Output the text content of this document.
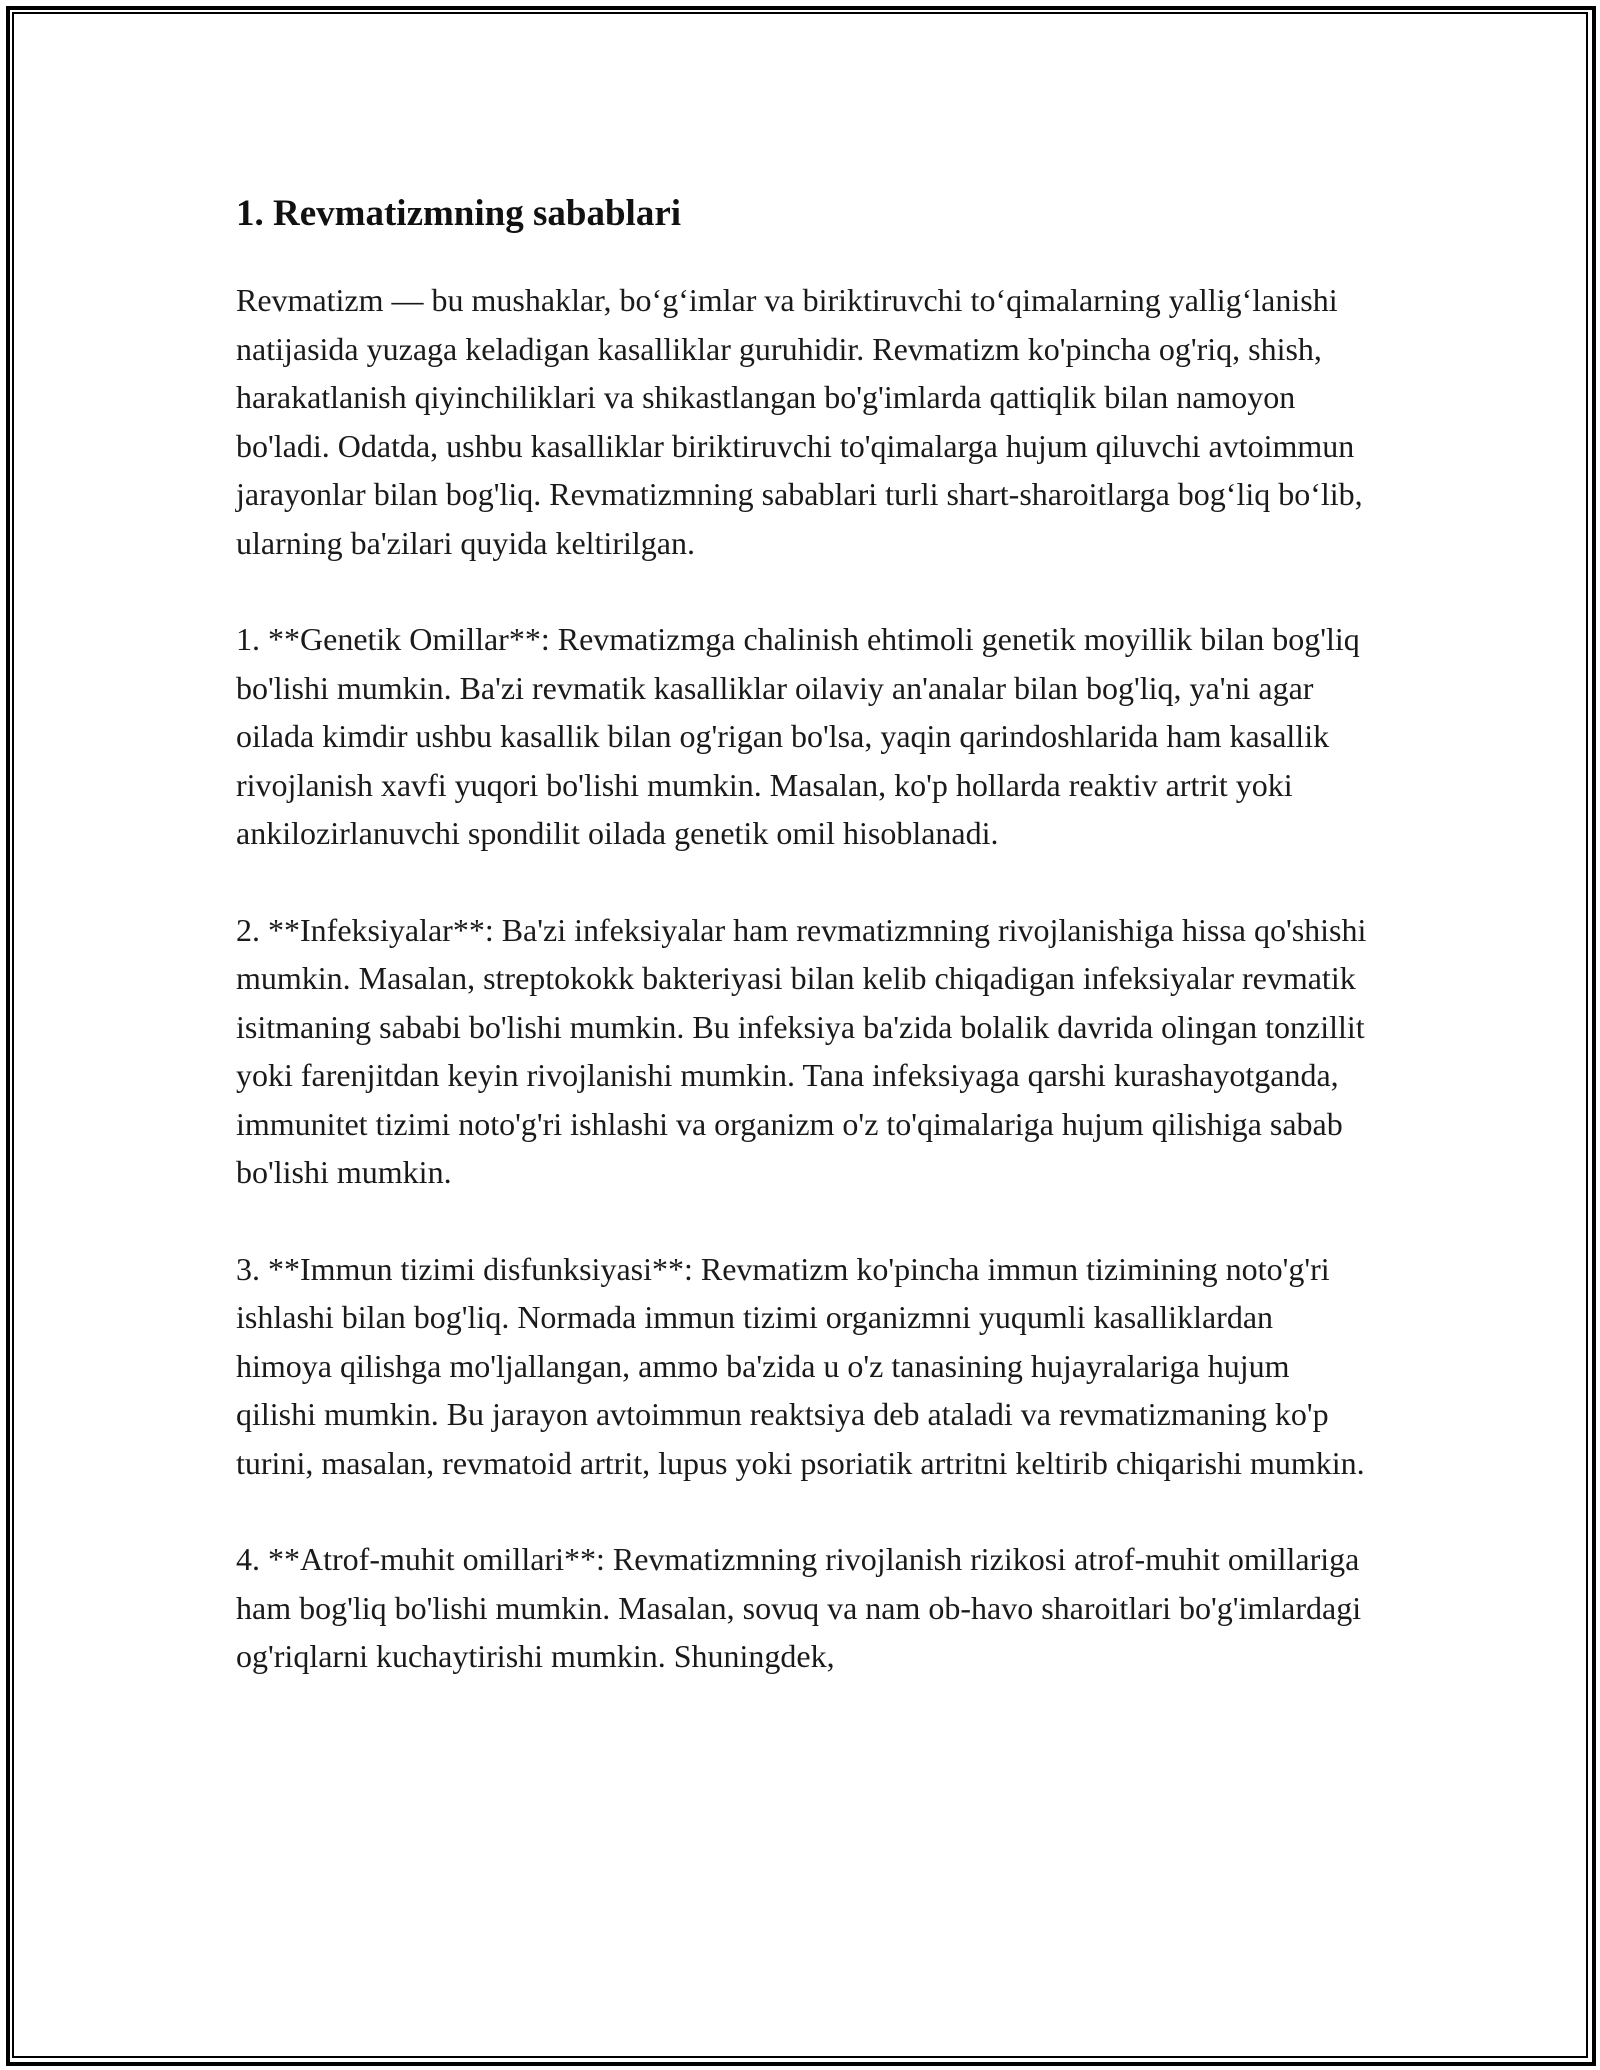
1. Revmatizmning sabablari

Revmatizm — bu mushaklar, bo‘g‘imlar va biriktiruvchi to‘qimalarning yallig‘lanishi natijasida yuzaga keladigan kasalliklar guruhidir. Revmatizm ko'pincha og'riq, shish, harakatlanish qiyinchiliklari va shikastlangan bo'g'imlarda qattiqlik bilan namoyon bo'ladi. Odatda, ushbu kasalliklar biriktiruvchi to'qimalarga hujum qiluvchi avtoimmun jarayonlar bilan bog'liq. Revmatizmning sabablari turli shart-sharoitlarga bog‘liq bo‘lib, ularning ba'zilari quyida keltirilgan.

1. **Genetik Omillar**: Revmatizmga chalinish ehtimoli genetik moyillik bilan bog'liq bo'lishi mumkin. Ba'zi revmatik kasalliklar oilaviy an'analar bilan bog'liq, ya'ni agar oilada kimdir ushbu kasallik bilan og'rigan bo'lsa, yaqin qarindoshlarida ham kasallik rivojlanish xavfi yuqori bo'lishi mumkin. Masalan, ko'p hollarda reaktiv artrit yoki ankilozirlanuvchi spondilit oilada genetik omil hisoblanadi.

2. **Infeksiyalar**: Ba'zi infeksiyalar ham revmatizmning rivojlanishiga hissa qo'shishi mumkin. Masalan, streptokokk bakteriyasi bilan kelib chiqadigan infeksiyalar revmatik isitmaning sababi bo'lishi mumkin. Bu infeksiya ba'zida bolalik davrida olingan tonzillit yoki farenjitdan keyin rivojlanishi mumkin. Tana infeksiyaga qarshi kurashayotganda, immunitet tizimi noto'g'ri ishlashi va organizm o'z to'qimalariga hujum qilishiga sabab bo'lishi mumkin.

3. **Immun tizimi disfunksiyasi**: Revmatizm ko'pincha immun tizimining noto'g'ri ishlashi bilan bog'liq. Normada immun tizimi organizmni yuqumli kasalliklardan himoya qilishga mo'ljallangan, ammo ba'zida u o'z tanasining hujayralariga hujum qilishi mumkin. Bu jarayon avtoimmun reaktsiya deb ataladi va revmatizmaning ko'p turini, masalan, revmatoid artrit, lupus yoki psoriatik artritni keltirib chiqarishi mumkin.

4. **Atrof-muhit omillari**: Revmatizmning rivojlanish rizikosi atrof-muhit omillariga ham bog'liq bo'lishi mumkin. Masalan, sovuq va nam ob-havo sharoitlari bo'g'imlardagi og'riqlarni kuchaytirishi mumkin. Shuningdek,
